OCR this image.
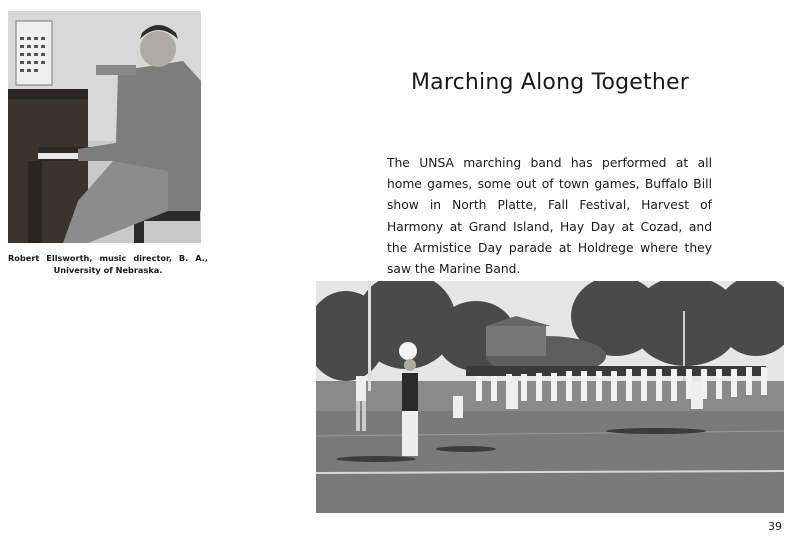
Robert Ellsworth, music director, B. A., University of Nebraska.
Marching Along Together

The UNSA marching band has performed at all home games, some out of town games, Buffalo Bill show in North Platte, Fall Festival, Harvest of Harmony at Grand Island, Hay Day at Cozad, and the Armistice Day parade at Holdrege where they saw the Marine Band.

39
